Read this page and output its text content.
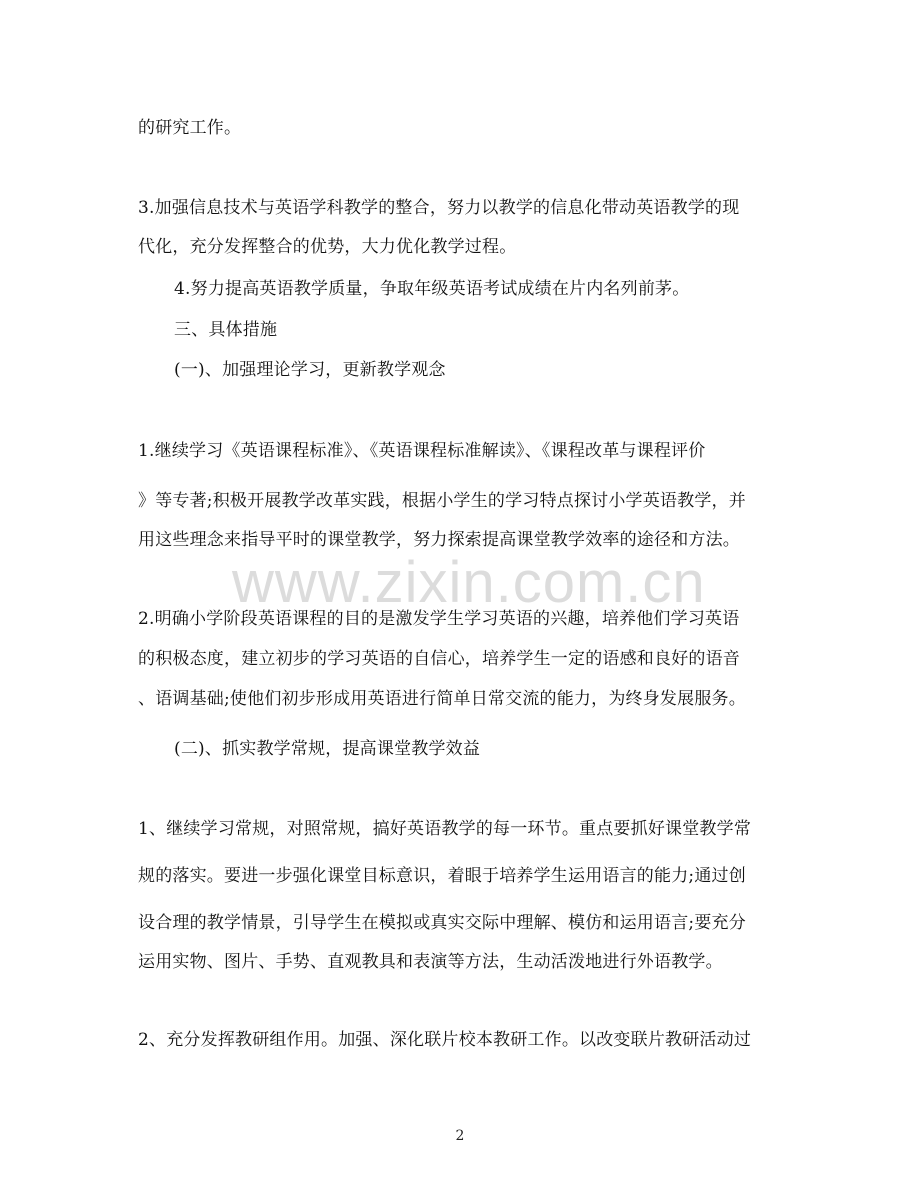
www.zixin.com.cn
的研究工作。
3.加强信息技术与英语学科教学的整合，努力以教学的信息化带动英语教学的现
代化，充分发挥整合的优势，大力优化教学过程。
4.努力提高英语教学质量，争取年级英语考试成绩在片内名列前茅。
三、具体措施
(一)、加强理论学习，更新教学观念
1.继续学习《英语课程标准》、《英语课程标准解读》、《课程改革与课程评价
》等专著;积极开展教学改革实践，根据小学生的学习特点探讨小学英语教学，并
用这些理念来指导平时的课堂教学，努力探索提高课堂教学效率的途径和方法。
2.明确小学阶段英语课程的目的是激发学生学习英语的兴趣，培养他们学习英语
的积极态度，建立初步的学习英语的自信心，培养学生一定的语感和良好的语音
、语调基础;使他们初步形成用英语进行简单日常交流的能力，为终身发展服务。
(二)、抓实教学常规，提高课堂教学效益
1、继续学习常规，对照常规，搞好英语教学的每一环节。重点要抓好课堂教学常
规的落实。要进一步强化课堂目标意识，着眼于培养学生运用语言的能力;通过创
设合理的教学情景，引导学生在模拟或真实交际中理解、模仿和运用语言;要充分
运用实物、图片、手势、直观教具和表演等方法，生动活泼地进行外语教学。
2、充分发挥教研组作用。加强、深化联片校本教研工作。以改变联片教研活动过
2
